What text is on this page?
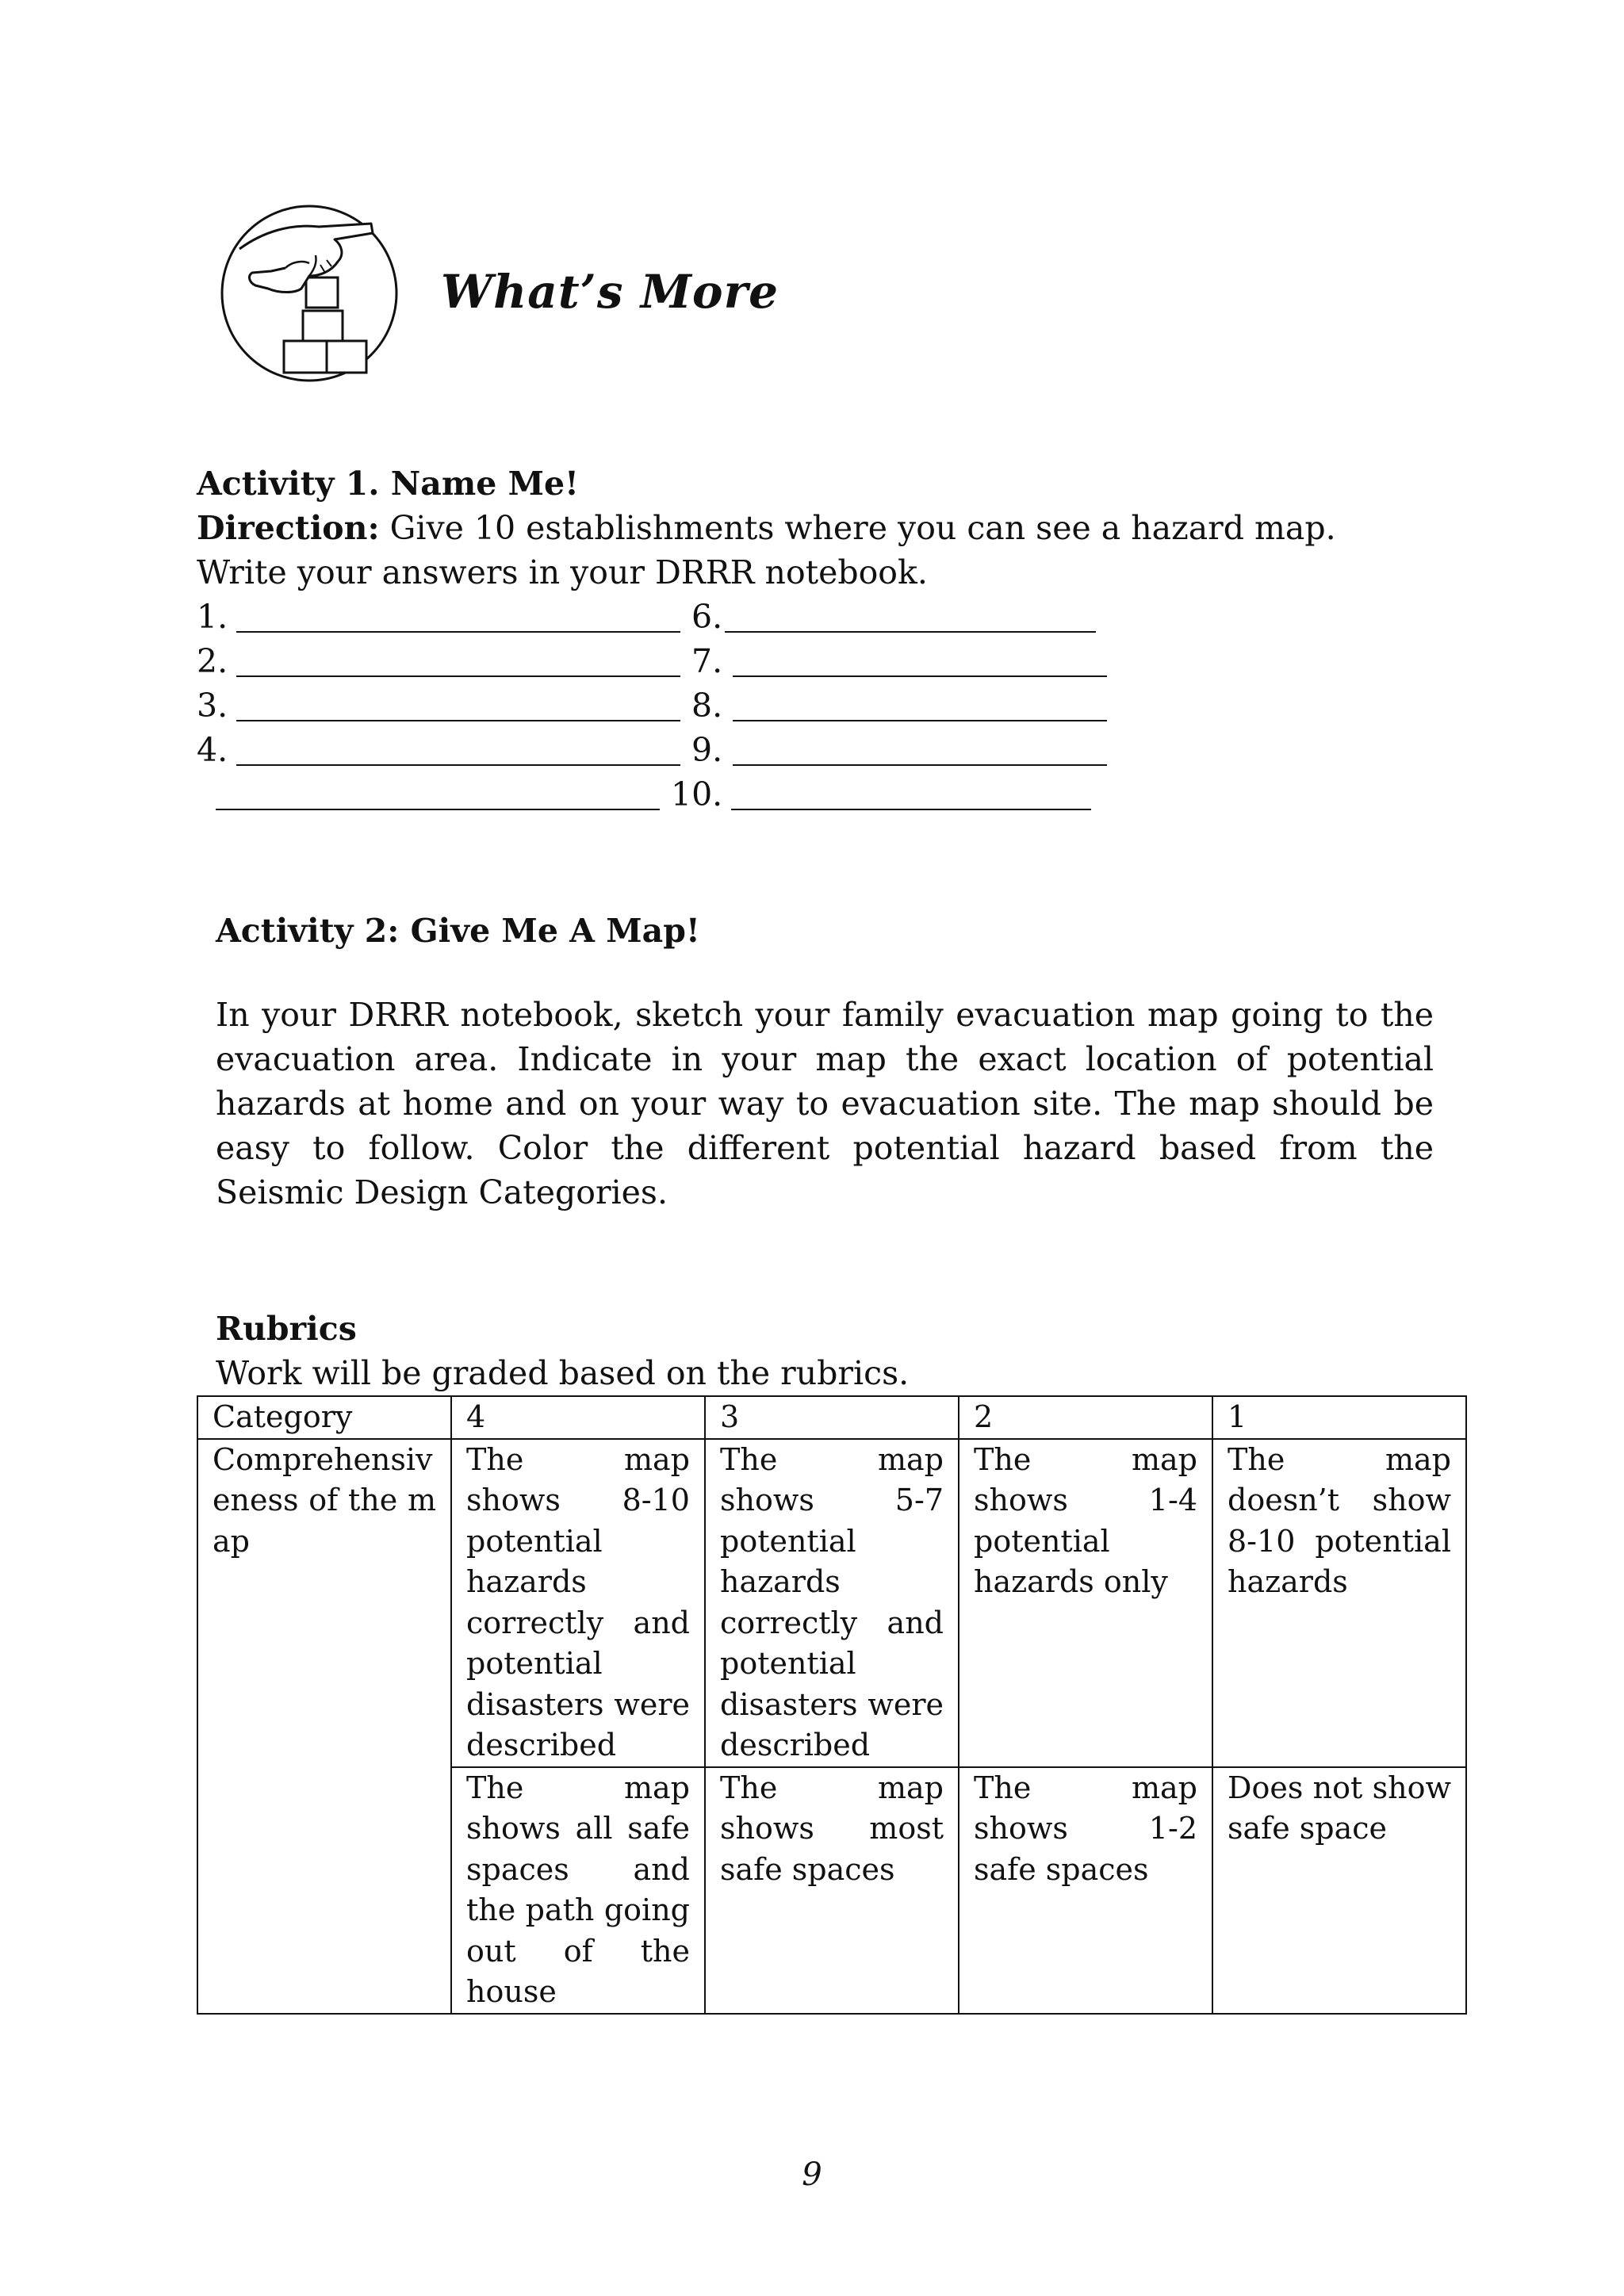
What’s More
Activity 1. Name Me!
Direction: Give 10 establishments where you can see a hazard map. Write your answers in your DRRR notebook.
1.
2.
3.
4.
6.
7.
8.
9.
10.
Activity 2: Give Me A Map!
In your DRRR notebook, sketch your family evacuation map going to the evacuation area. Indicate in your map the exact location of potential hazards at home and on your way to evacuation site. The map should be easy to follow. Color the different potential hazard based from the Seismic Design Categories.
Rubrics
Work will be graded based on the rubrics.
Category	4	3	2	1
Comprehensiveness of the map	The map shows 8-10 potential hazards correctly and potential disasters were described	The map shows 5-7 potential hazards correctly and potential disasters were described	The map shows 1-4 potential hazards only	The map doesn’t show 8-10 potential hazards
	The map shows all safe spaces and the path going out of the house	The map shows most safe spaces	The map shows 1-2 safe spaces	Does not show safe space
9
